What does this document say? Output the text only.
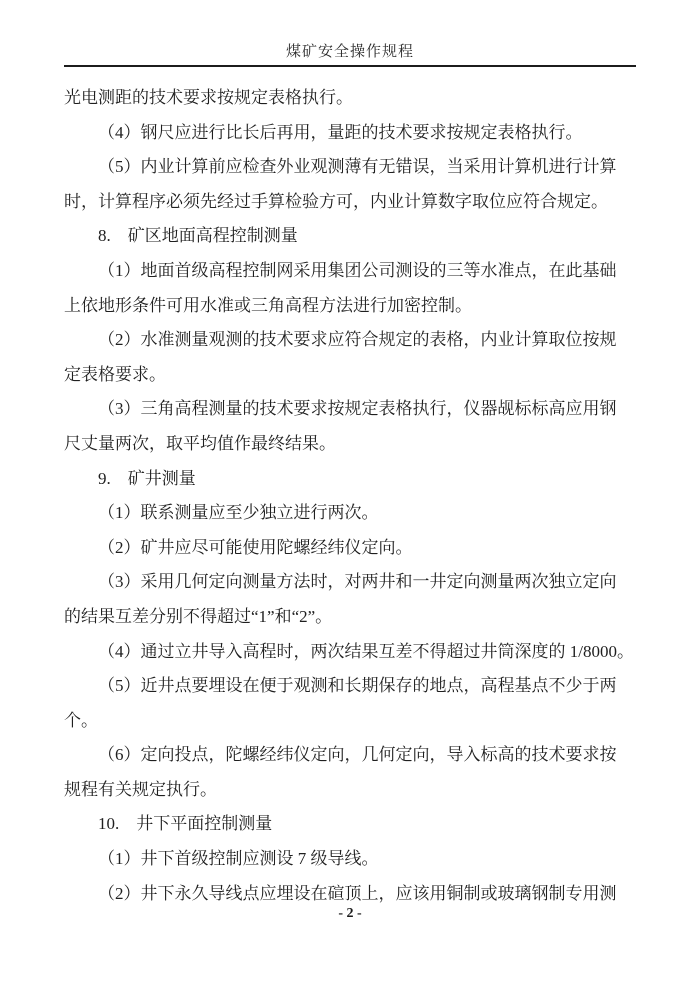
煤矿安全操作规程
光电测距的技术要求按规定表格执行。
（4）钢尺应进行比长后再用，量距的技术要求按规定表格执行。
（5）内业计算前应检查外业观测薄有无错误，当采用计算机进行计算
时，计算程序必须先经过手算检验方可，内业计算数字取位应符合规定。
8.　矿区地面高程控制测量
（1）地面首级高程控制网采用集团公司测设的三等水准点，在此基础
上依地形条件可用水准或三角高程方法进行加密控制。
（2）水准测量观测的技术要求应符合规定的表格，内业计算取位按规
定表格要求。
（3）三角高程测量的技术要求按规定表格执行，仪器觇标标高应用钢
尺丈量两次，取平均值作最终结果。
9.　矿井测量
（1）联系测量应至少独立进行两次。
（2）矿井应尽可能使用陀螺经纬仪定向。
（3）采用几何定向测量方法时，对两井和一井定向测量两次独立定向
的结果互差分别不得超过“1”和“2”。
（4）通过立井导入高程时，两次结果互差不得超过井筒深度的 1/8000。
（5）近井点要埋设在便于观测和长期保存的地点，高程基点不少于两
个。
（6）定向投点，陀螺经纬仪定向，几何定向，导入标高的技术要求按
规程有关规定执行。
10.　井下平面控制测量
（1）井下首级控制应测设 7 级导线。
（2）井下永久导线点应埋设在碹顶上，应该用铜制或玻璃钢制专用测
- 2 -
